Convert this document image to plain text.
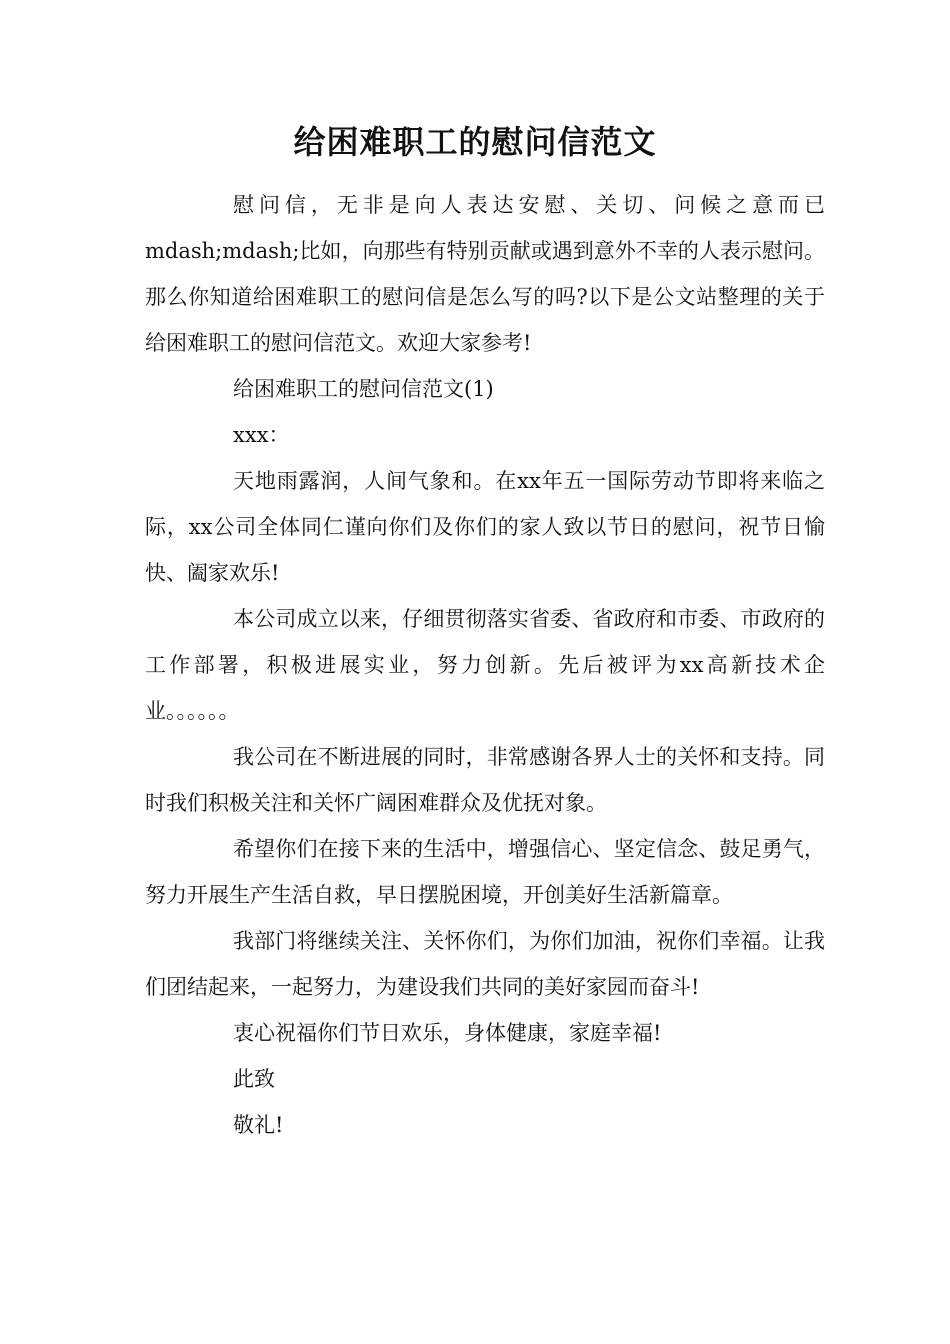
给困难职工的慰问信范文

慰问信，无非是向人表达安慰、关切、问候之意而已mdash;mdash;比如，向那些有特别贡献或遇到意外不幸的人表示慰问。那么你知道给困难职工的慰问信是怎么写的吗?以下是公文站整理的关于给困难职工的慰问信范文。欢迎大家参考!

给困难职工的慰问信范文(1)

xxx：

天地雨露润，人间气象和。在xx年五一国际劳动节即将来临之际，xx公司全体同仁谨向你们及你们的家人致以节日的慰问，祝节日愉快、阖家欢乐!

本公司成立以来，仔细贯彻落实省委、省政府和市委、市政府的工作部署，积极进展实业，努力创新。先后被评为xx高新技术企业。。。。。。

我公司在不断进展的同时，非常感谢各界人士的关怀和支持。同时我们积极关注和关怀广阔困难群众及优抚对象。

希望你们在接下来的生活中，增强信心、坚定信念、鼓足勇气，努力开展生产生活自救，早日摆脱困境，开创美好生活新篇章。

我部门将继续关注、关怀你们，为你们加油，祝你们幸福。让我们团结起来，一起努力，为建设我们共同的美好家园而奋斗!

衷心祝福你们节日欢乐，身体健康，家庭幸福!

此致

敬礼!
